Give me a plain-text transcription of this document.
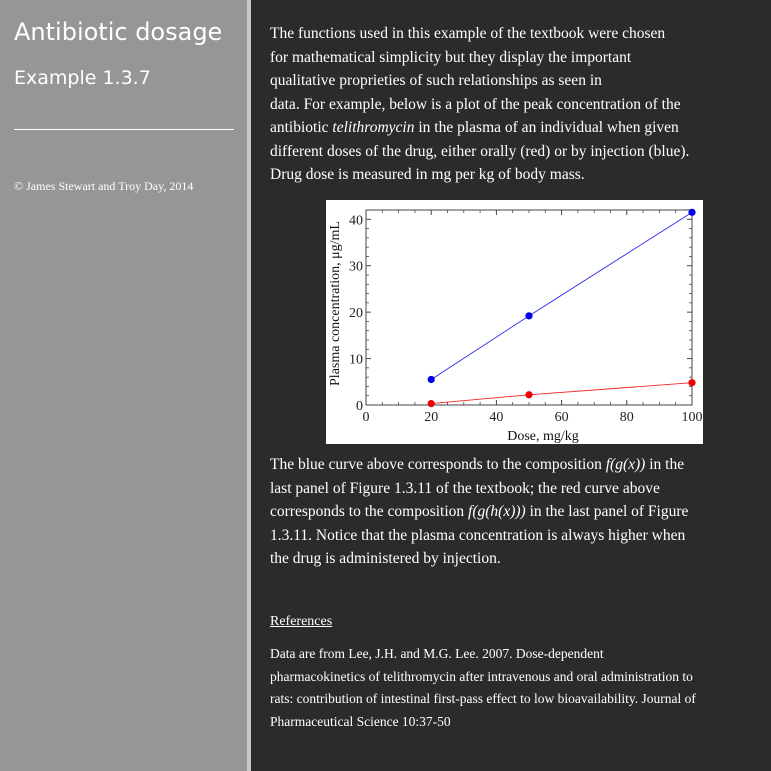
Antibiotic dosage
Example 1.3.7
© James Stewart and Troy Day, 2014
The functions used in this example of the textbook were chosen
for mathematical simplicity but they display the important
qualitative proprieties of such relationships as seen in
data. For example, below is a plot of the peak concentration of the
antibiotic telithromycin in the plasma of an individual when given
different doses of the drug, either orally (red) or by injection (blue).
Drug dose is measured in mg per kg of body mass.
0	20	40	60	80	100
0
10
20
30
40
Dose, mg/kg
Plasma concentration, μg/mL
The blue curve above corresponds to the composition f(g(x)) in the
last panel of Figure 1.3.11 of the textbook; the red curve above
corresponds to the composition f(g(h(x))) in the last panel of Figure
1.3.11. Notice that the plasma concentration is always higher when
the drug is administered by injection.
References
Data are from Lee, J.H. and M.G. Lee. 2007. Dose-dependent
pharmacokinetics of telithromycin after intravenous and oral administration to
rats: contribution of intestinal first-pass effect to low bioavailability. Journal of
Pharmaceutical Science 10:37-50
